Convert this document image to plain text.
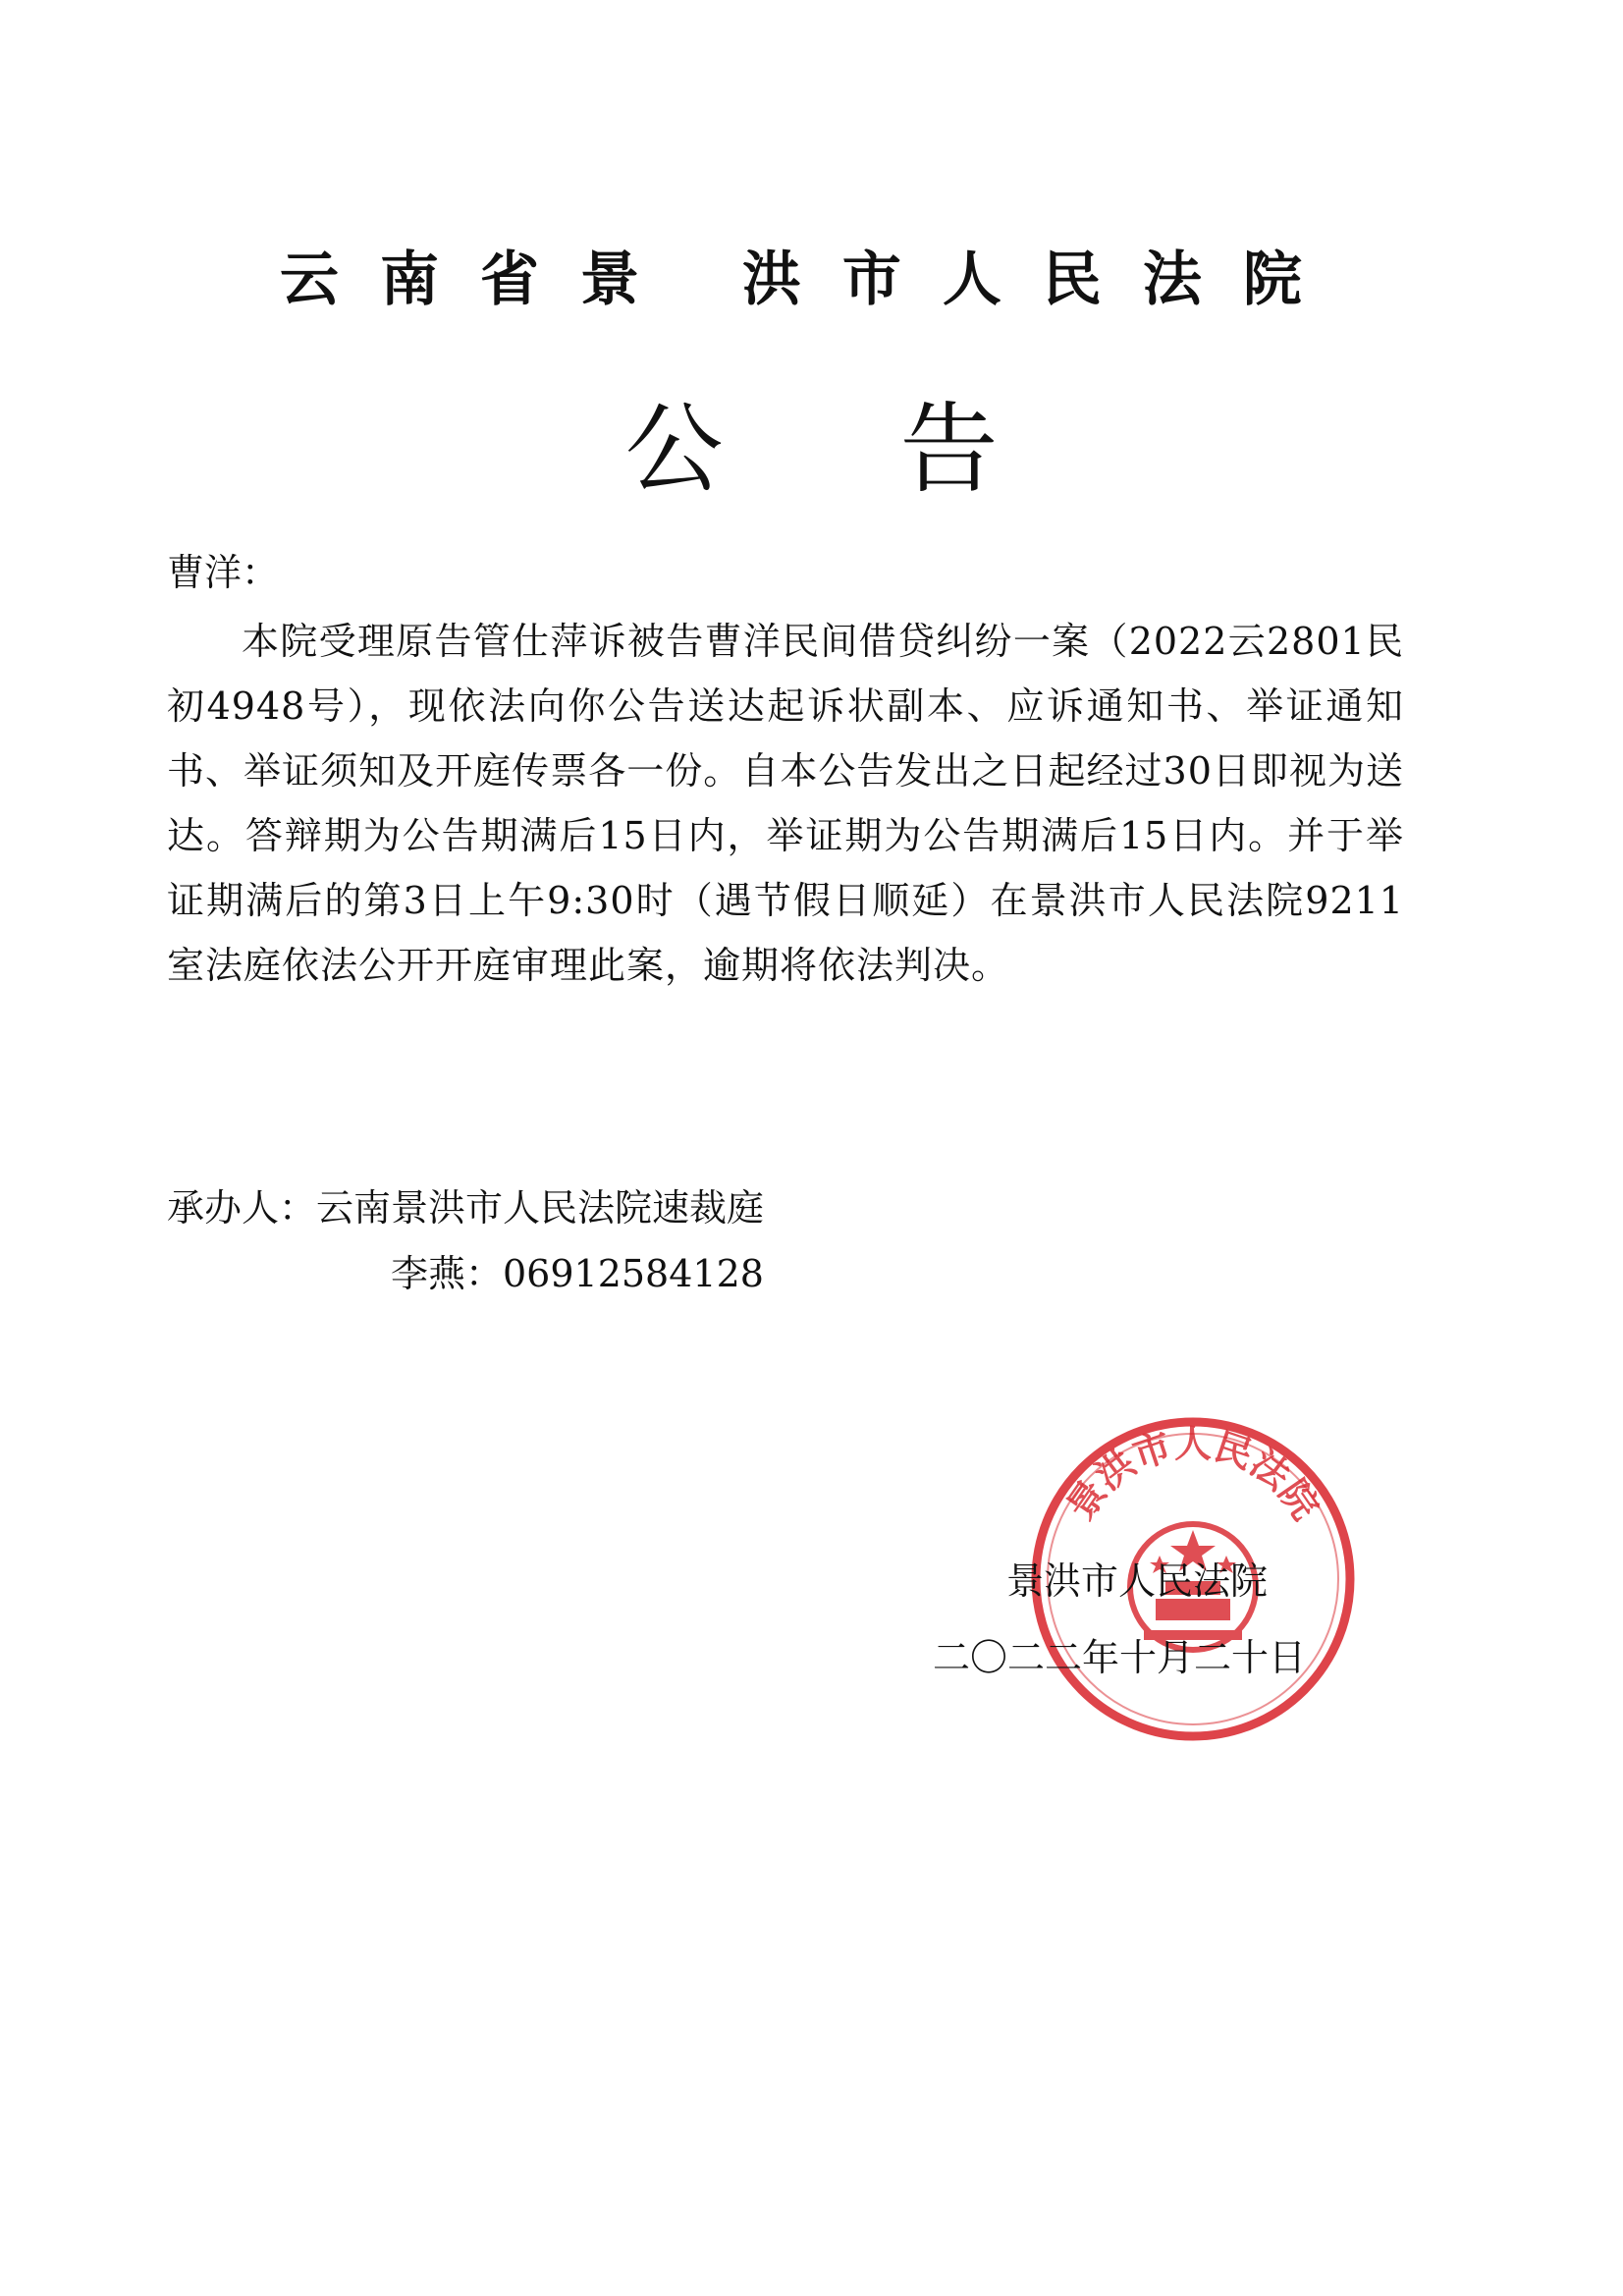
云南省景 洪市人民法院
公告
曹洋：
本院受理原告管仕萍诉被告曹洋民间借贷纠纷一案（2022云2801民初4948号），现依法向你公告送达起诉状副本、应诉通知书、举证通知书、举证须知及开庭传票各一份。自本公告发出之日起经过30日即视为送达。答辩期为公告期满后15日内，举证期为公告期满后15日内。并于举证期满后的第3日上午9:30时（遇节假日顺延）在景洪市人民法院9211室法庭依法公开开庭审理此案，逾期将依法判决。
承办人：云南景洪市人民法院速裁庭
李燕：06912584128
景洪市人民法院
景洪市人民法院
二〇二二年十月二十日
